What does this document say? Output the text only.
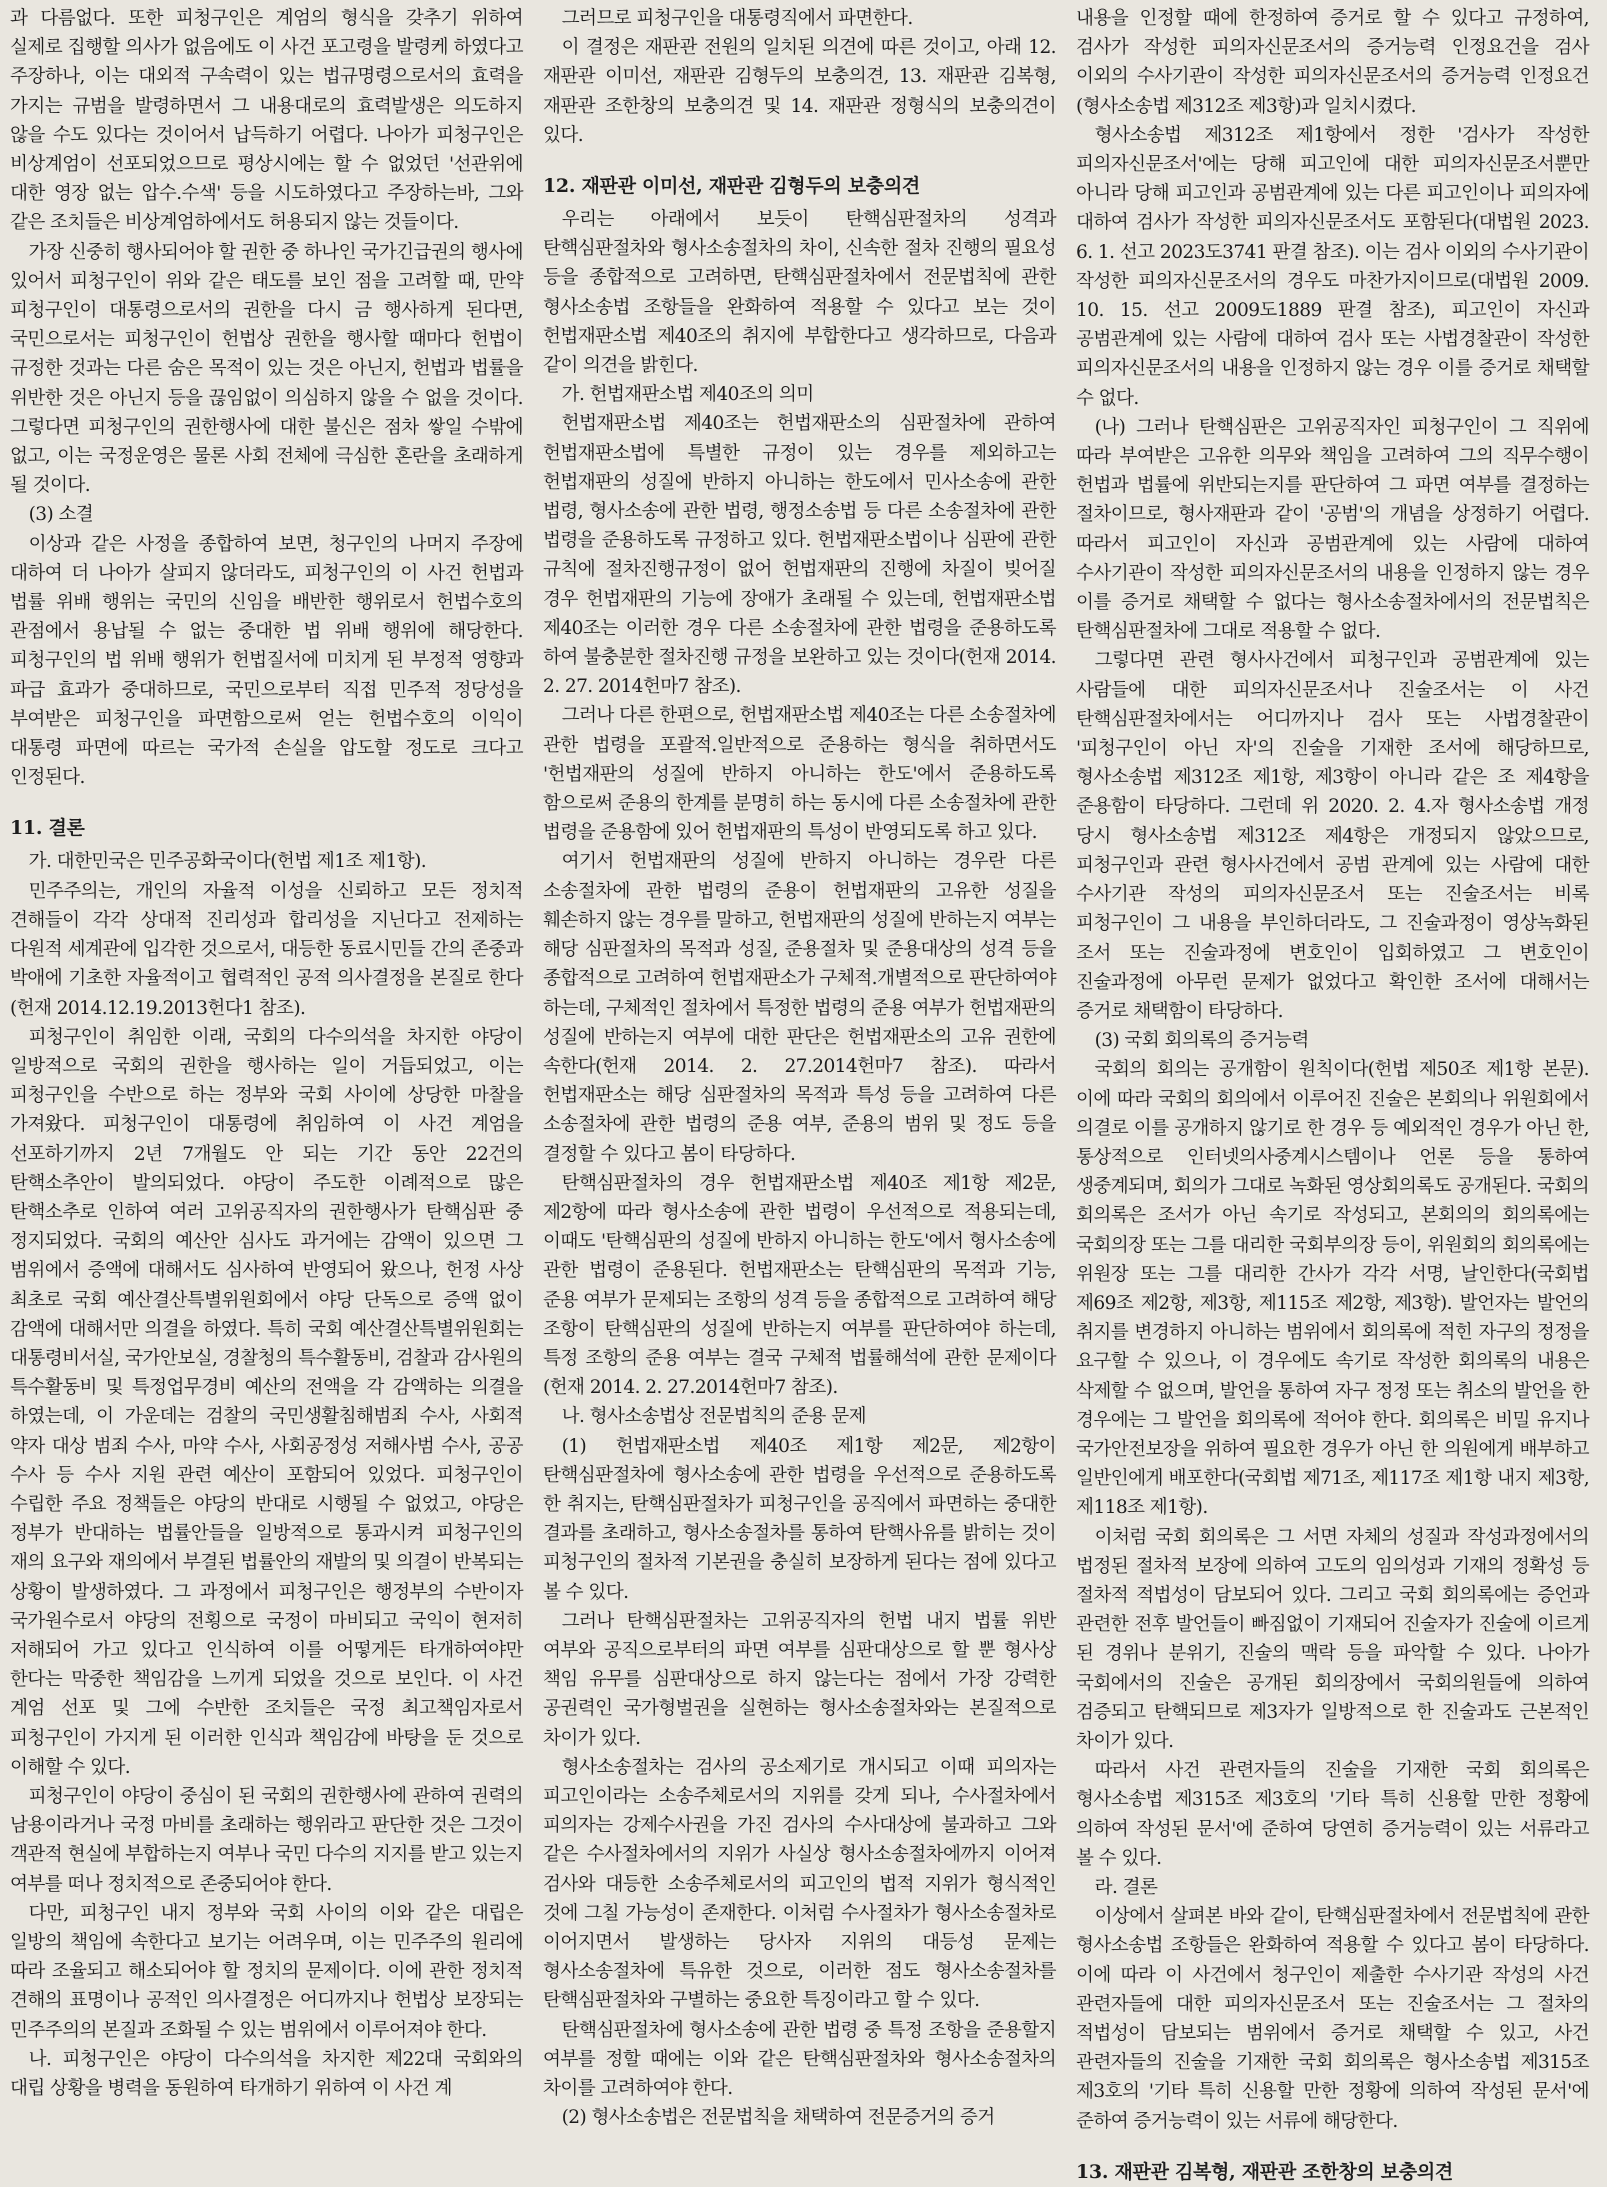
과 다름없다. 또한 피청구인은 계엄의 형식을 갖추기 위하여 실제로 집행할 의사가 없음에도 이 사건 포고령을 발령케 하였다고 주장하나, 이는 대외적 구속력이 있는 법규명령으로서의 효력을 가지는 규범을 발령하면서 그 내용대로의 효력발생은 의도하지 않을 수도 있다는 것이어서 납득하기 어렵다. 나아가 피청구인은 비상계엄이 선포되었으므로 평상시에는 할 수 없었던 '선관위에 대한 영장 없는 압수.수색' 등을 시도하였다고 주장하는바, 그와 같은 조치들은 비상계엄하에서도 허용되지 않는 것들이다.

가장 신중히 행사되어야 할 권한 중 하나인 국가긴급권의 행사에 있어서 피청구인이 위와 같은 태도를 보인 점을 고려할 때, 만약 피청구인이 대통령으로서의 권한을 다시 금 행사하게 된다면, 국민으로서는 피청구인이 헌법상 권한을 행사할 때마다 헌법이 규정한 것과는 다른 숨은 목적이 있는 것은 아닌지, 헌법과 법률을 위반한 것은 아닌지 등을 끊임없이 의심하지 않을 수 없을 것이다. 그렇다면 피청구인의 권한행사에 대한 불신은 점차 쌓일 수밖에 없고, 이는 국정운영은 물론 사회 전체에 극심한 혼란을 초래하게 될 것이다.

(3) 소결

이상과 같은 사정을 종합하여 보면, 청구인의 나머지 주장에 대하여 더 나아가 살피지 않더라도, 피청구인의 이 사건 헌법과 법률 위배 행위는 국민의 신임을 배반한 행위로서 헌법수호의 관점에서 용납될 수 없는 중대한 법 위배 행위에 해당한다. 피청구인의 법 위배 행위가 헌법질서에 미치게 된 부정적 영향과 파급 효과가 중대하므로, 국민으로부터 직접 민주적 정당성을 부여받은 피청구인을 파면함으로써 얻는 헌법수호의 이익이 대통령 파면에 따르는 국가적 손실을 압도할 정도로 크다고 인정된다.

11. 결론

가. 대한민국은 민주공화국이다(헌법 제1조 제1항).

민주주의는, 개인의 자율적 이성을 신뢰하고 모든 정치적 견해들이 각각 상대적 진리성과 합리성을 지닌다고 전제하는 다원적 세계관에 입각한 것으로서, 대등한 동료시민들 간의 존중과 박애에 기초한 자율적이고 협력적인 공적 의사결정을 본질로 한다(헌재 2014.12.19.2013헌다1 참조).

피청구인이 취임한 이래, 국회의 다수의석을 차지한 야당이 일방적으로 국회의 권한을 행사하는 일이 거듭되었고, 이는 피청구인을 수반으로 하는 정부와 국회 사이에 상당한 마찰을 가져왔다. 피청구인이 대통령에 취임하여 이 사건 계엄을 선포하기까지 2년 7개월도 안 되는 기간 동안 22건의 탄핵소추안이 발의되었다. 야당이 주도한 이례적으로 많은 탄핵소추로 인하여 여러 고위공직자의 권한행사가 탄핵심판 중 정지되었다. 국회의 예산안 심사도 과거에는 감액이 있으면 그 범위에서 증액에 대해서도 심사하여 반영되어 왔으나, 헌정 사상 최초로 국회 예산결산특별위원회에서 야당 단독으로 증액 없이 감액에 대해서만 의결을 하였다. 특히 국회 예산결산특별위원회는 대통령비서실, 국가안보실, 경찰청의 특수활동비, 검찰과 감사원의 특수활동비 및 특정업무경비 예산의 전액을 각 감액하는 의결을 하였는데, 이 가운데는 검찰의 국민생활침해범죄 수사, 사회적 약자 대상 범죄 수사, 마약 수사, 사회공정성 저해사범 수사, 공공 수사 등 수사 지원 관련 예산이 포함되어 있었다. 피청구인이 수립한 주요 정책들은 야당의 반대로 시행될 수 없었고, 야당은 정부가 반대하는 법률안들을 일방적으로 통과시켜 피청구인의 재의 요구와 재의에서 부결된 법률안의 재발의 및 의결이 반복되는 상황이 발생하였다. 그 과정에서 피청구인은 행정부의 수반이자 국가원수로서 야당의 전횡으로 국정이 마비되고 국익이 현저히 저해되어 가고 있다고 인식하여 이를 어떻게든 타개하여야만 한다는 막중한 책임감을 느끼게 되었을 것으로 보인다. 이 사건 계엄 선포 및 그에 수반한 조치들은 국정 최고책임자로서 피청구인이 가지게 된 이러한 인식과 책임감에 바탕을 둔 것으로 이해할 수 있다.

피청구인이 야당이 중심이 된 국회의 권한행사에 관하여 권력의 남용이라거나 국정 마비를 초래하는 행위라고 판단한 것은 그것이 객관적 현실에 부합하는지 여부나 국민 다수의 지지를 받고 있는지 여부를 떠나 정치적으로 존중되어야 한다.

다만, 피청구인 내지 정부와 국회 사이의 이와 같은 대립은 일방의 책임에 속한다고 보기는 어려우며, 이는 민주주의 원리에 따라 조율되고 해소되어야 할 정치의 문제이다. 이에 관한 정치적 견해의 표명이나 공적인 의사결정은 어디까지나 헌법상 보장되는 민주주의의 본질과 조화될 수 있는 범위에서 이루어져야 한다.

나. 피청구인은 야당이 다수의석을 차지한 제22대 국회와의 대립 상황을 병력을 동원하여 타개하기 위하여 이 사건 계

그러므로 피청구인을 대통령직에서 파면한다.

이 결정은 재판관 전원의 일치된 의견에 따른 것이고, 아래 12. 재판관 이미선, 재판관 김형두의 보충의견, 13. 재판관 김복형, 재판관 조한창의 보충의견 및 14. 재판관 정형식의 보충의견이 있다.

12. 재판관 이미선, 재판관 김형두의 보충의견

우리는 아래에서 보듯이 탄핵심판절차의 성격과 탄핵심판절차와 형사소송절차의 차이, 신속한 절차 진행의 필요성 등을 종합적으로 고려하면, 탄핵심판절차에서 전문법칙에 관한 형사소송법 조항들을 완화하여 적용할 수 있다고 보는 것이 헌법재판소법 제40조의 취지에 부합한다고 생각하므로, 다음과 같이 의견을 밝힌다.

가. 헌법재판소법 제40조의 의미

헌법재판소법 제40조는 헌법재판소의 심판절차에 관하여 헌법재판소법에 특별한 규정이 있는 경우를 제외하고는 헌법재판의 성질에 반하지 아니하는 한도에서 민사소송에 관한 법령, 형사소송에 관한 법령, 행정소송법 등 다른 소송절차에 관한 법령을 준용하도록 규정하고 있다. 헌법재판소법이나 심판에 관한 규칙에 절차진행규정이 없어 헌법재판의 진행에 차질이 빚어질 경우 헌법재판의 기능에 장애가 초래될 수 있는데, 헌법재판소법 제40조는 이러한 경우 다른 소송절차에 관한 법령을 준용하도록 하여 불충분한 절차진행 규정을 보완하고 있는 것이다(헌재 2014. 2. 27. 2014헌마7 참조).

그러나 다른 한편으로, 헌법재판소법 제40조는 다른 소송절차에 관한 법령을 포괄적.일반적으로 준용하는 형식을 취하면서도 '헌법재판의 성질에 반하지 아니하는 한도'에서 준용하도록 함으로써 준용의 한계를 분명히 하는 동시에 다른 소송절차에 관한 법령을 준용함에 있어 헌법재판의 특성이 반영되도록 하고 있다.

여기서 헌법재판의 성질에 반하지 아니하는 경우란 다른 소송절차에 관한 법령의 준용이 헌법재판의 고유한 성질을 훼손하지 않는 경우를 말하고, 헌법재판의 성질에 반하는지 여부는 해당 심판절차의 목적과 성질, 준용절차 및 준용대상의 성격 등을 종합적으로 고려하여 헌법재판소가 구체적.개별적으로 판단하여야 하는데, 구체적인 절차에서 특정한 법령의 준용 여부가 헌법재판의 성질에 반하는지 여부에 대한 판단은 헌법재판소의 고유 권한에 속한다(헌재 2014. 2. 27.2014헌마7 참조). 따라서 헌법재판소는 해당 심판절차의 목적과 특성 등을 고려하여 다른 소송절차에 관한 법령의 준용 여부, 준용의 범위 및 정도 등을 결정할 수 있다고 봄이 타당하다.

탄핵심판절차의 경우 헌법재판소법 제40조 제1항 제2문, 제2항에 따라 형사소송에 관한 법령이 우선적으로 적용되는데, 이때도 '탄핵심판의 성질에 반하지 아니하는 한도'에서 형사소송에 관한 법령이 준용된다. 헌법재판소는 탄핵심판의 목적과 기능, 준용 여부가 문제되는 조항의 성격 등을 종합적으로 고려하여 해당 조항이 탄핵심판의 성질에 반하는지 여부를 판단하여야 하는데, 특정 조항의 준용 여부는 결국 구체적 법률해석에 관한 문제이다(헌재 2014. 2. 27.2014헌마7 참조).

나. 형사소송법상 전문법칙의 준용 문제

(1) 헌법재판소법 제40조 제1항 제2문, 제2항이 탄핵심판절차에 형사소송에 관한 법령을 우선적으로 준용하도록 한 취지는, 탄핵심판절차가 피청구인을 공직에서 파면하는 중대한 결과를 초래하고, 형사소송절차를 통하여 탄핵사유를 밝히는 것이 피청구인의 절차적 기본권을 충실히 보장하게 된다는 점에 있다고 볼 수 있다.

그러나 탄핵심판절차는 고위공직자의 헌법 내지 법률 위반 여부와 공직으로부터의 파면 여부를 심판대상으로 할 뿐 형사상 책임 유무를 심판대상으로 하지 않는다는 점에서 가장 강력한 공권력인 국가형벌권을 실현하는 형사소송절차와는 본질적으로 차이가 있다.

형사소송절차는 검사의 공소제기로 개시되고 이때 피의자는 피고인이라는 소송주체로서의 지위를 갖게 되나, 수사절차에서 피의자는 강제수사권을 가진 검사의 수사대상에 불과하고 그와 같은 수사절차에서의 지위가 사실상 형사소송절차에까지 이어져 검사와 대등한 소송주체로서의 피고인의 법적 지위가 형식적인 것에 그칠 가능성이 존재한다. 이처럼 수사절차가 형사소송절차로 이어지면서 발생하는 당사자 지위의 대등성 문제는 형사소송절차에 특유한 것으로, 이러한 점도 형사소송절차를 탄핵심판절차와 구별하는 중요한 특징이라고 할 수 있다.

탄핵심판절차에 형사소송에 관한 법령 중 특정 조항을 준용할지 여부를 정할 때에는 이와 같은 탄핵심판절차와 형사소송절차의 차이를 고려하여야 한다.

(2) 형사소송법은 전문법칙을 채택하여 전문증거의 증거

내용을 인정할 때에 한정하여 증거로 할 수 있다고 규정하여, 검사가 작성한 피의자신문조서의 증거능력 인정요건을 검사 이외의 수사기관이 작성한 피의자신문조서의 증거능력 인정요건(형사소송법 제312조 제3항)과 일치시켰다.

형사소송법 제312조 제1항에서 정한 '검사가 작성한 피의자신문조서'에는 당해 피고인에 대한 피의자신문조서뿐만 아니라 당해 피고인과 공범관계에 있는 다른 피고인이나 피의자에 대하여 검사가 작성한 피의자신문조서도 포함된다(대법원 2023. 6. 1. 선고 2023도3741 판결 참조). 이는 검사 이외의 수사기관이 작성한 피의자신문조서의 경우도 마찬가지이므로(대법원 2009. 10. 15. 선고 2009도1889 판결 참조), 피고인이 자신과 공범관계에 있는 사람에 대하여 검사 또는 사법경찰관이 작성한 피의자신문조서의 내용을 인정하지 않는 경우 이를 증거로 채택할 수 없다.

(나) 그러나 탄핵심판은 고위공직자인 피청구인이 그 직위에 따라 부여받은 고유한 의무와 책임을 고려하여 그의 직무수행이 헌법과 법률에 위반되는지를 판단하여 그 파면 여부를 결정하는 절차이므로, 형사재판과 같이 '공범'의 개념을 상정하기 어렵다. 따라서 피고인이 자신과 공범관계에 있는 사람에 대하여 수사기관이 작성한 피의자신문조서의 내용을 인정하지 않는 경우 이를 증거로 채택할 수 없다는 형사소송절차에서의 전문법칙은 탄핵심판절차에 그대로 적용할 수 없다.

그렇다면 관련 형사사건에서 피청구인과 공범관계에 있는 사람들에 대한 피의자신문조서나 진술조서는 이 사건 탄핵심판절차에서는 어디까지나 검사 또는 사법경찰관이 '피청구인이 아닌 자'의 진술을 기재한 조서에 해당하므로, 형사소송법 제312조 제1항, 제3항이 아니라 같은 조 제4항을 준용함이 타당하다. 그런데 위 2020. 2. 4.자 형사소송법 개정 당시 형사소송법 제312조 제4항은 개정되지 않았으므로, 피청구인과 관련 형사사건에서 공범 관계에 있는 사람에 대한 수사기관 작성의 피의자신문조서 또는 진술조서는 비록 피청구인이 그 내용을 부인하더라도, 그 진술과정이 영상녹화된 조서 또는 진술과정에 변호인이 입회하였고 그 변호인이 진술과정에 아무런 문제가 없었다고 확인한 조서에 대해서는 증거로 채택함이 타당하다.

(3) 국회 회의록의 증거능력

국회의 회의는 공개함이 원칙이다(헌법 제50조 제1항 본문). 이에 따라 국회의 회의에서 이루어진 진술은 본회의나 위원회에서 의결로 이를 공개하지 않기로 한 경우 등 예외적인 경우가 아닌 한, 통상적으로 인터넷의사중계시스템이나 언론 등을 통하여 생중계되며, 회의가 그대로 녹화된 영상회의록도 공개된다. 국회의 회의록은 조서가 아닌 속기로 작성되고, 본회의의 회의록에는 국회의장 또는 그를 대리한 국회부의장 등이, 위원회의 회의록에는 위원장 또는 그를 대리한 간사가 각각 서명, 날인한다(국회법 제69조 제2항, 제3항, 제115조 제2항, 제3항). 발언자는 발언의 취지를 변경하지 아니하는 범위에서 회의록에 적힌 자구의 정정을 요구할 수 있으나, 이 경우에도 속기로 작성한 회의록의 내용은 삭제할 수 없으며, 발언을 통하여 자구 정정 또는 취소의 발언을 한 경우에는 그 발언을 회의록에 적어야 한다. 회의록은 비밀 유지나 국가안전보장을 위하여 필요한 경우가 아닌 한 의원에게 배부하고 일반인에게 배포한다(국회법 제71조, 제117조 제1항 내지 제3항, 제118조 제1항).

이처럼 국회 회의록은 그 서면 자체의 성질과 작성과정에서의 법정된 절차적 보장에 의하여 고도의 임의성과 기재의 정확성 등 절차적 적법성이 담보되어 있다. 그리고 국회 회의록에는 증언과 관련한 전후 발언들이 빠짐없이 기재되어 진술자가 진술에 이르게 된 경위나 분위기, 진술의 맥락 등을 파악할 수 있다. 나아가 국회에서의 진술은 공개된 회의장에서 국회의원들에 의하여 검증되고 탄핵되므로 제3자가 일방적으로 한 진술과도 근본적인 차이가 있다.

따라서 사건 관련자들의 진술을 기재한 국회 회의록은 형사소송법 제315조 제3호의 '기타 특히 신용할 만한 정황에 의하여 작성된 문서'에 준하여 당연히 증거능력이 있는 서류라고 볼 수 있다.

라. 결론

이상에서 살펴본 바와 같이, 탄핵심판절차에서 전문법칙에 관한 형사소송법 조항들은 완화하여 적용할 수 있다고 봄이 타당하다. 이에 따라 이 사건에서 청구인이 제출한 수사기관 작성의 사건 관련자들에 대한 피의자신문조서 또는 진술조서는 그 절차의 적법성이 담보되는 범위에서 증거로 채택할 수 있고, 사건 관련자들의 진술을 기재한 국회 회의록은 형사소송법 제315조 제3호의 '기타 특히 신용할 만한 정황에 의하여 작성된 문서'에 준하여 증거능력이 있는 서류에 해당한다.

13. 재판관 김복형, 재판관 조한창의 보충의견
